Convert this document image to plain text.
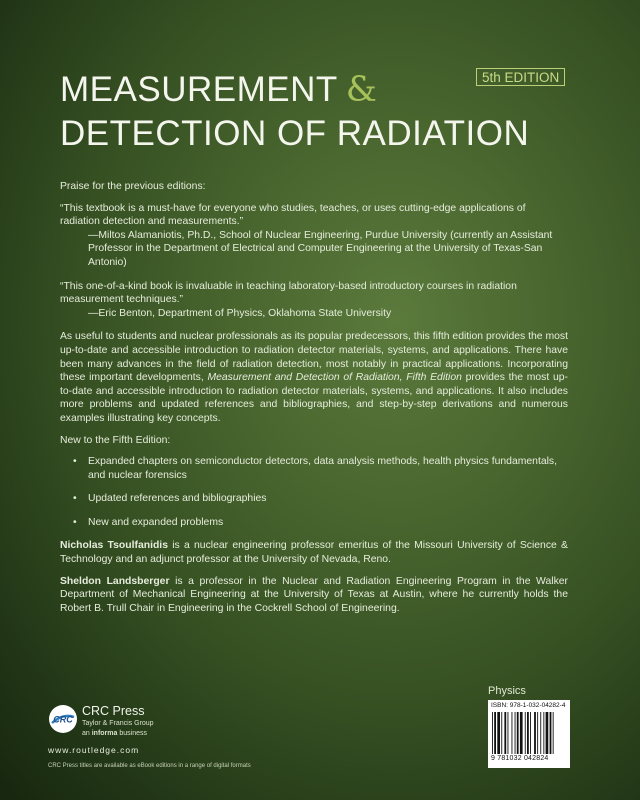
MEASUREMENT &	5th EDITION
DETECTION OF RADIATION

Praise for the previous editions:

“This textbook is a must-have for everyone who studies, teaches, or uses cutting-edge applications of radiation detection and measurements.”

—Miltos Alamaniotis, Ph.D., School of Nuclear Engineering, Purdue University (currently an Assistant Professor in the Department of Electrical and Computer Engineering at the University of Texas-San Antonio)

“This one-of-a-kind book is invaluable in teaching laboratory-based introductory courses in radiation measurement techniques.”

—Eric Benton, Department of Physics, Oklahoma State University

As useful to students and nuclear professionals as its popular predecessors, this fifth edition provides the most up-to-date and accessible introduction to radiation detector materials, systems, and applications. There have been many advances in the field of radiation detection, most notably in practical applications. Incorporating these important developments, Measurement and Detection of Radiation, Fifth Edition provides the most up-to-date and accessible introduction to radiation detector materials, systems, and applications. It also includes more problems and updated references and bibliographies, and step-by-step derivations and numerous examples illustrating key concepts.

New to the Fifth Edition:

• Expanded chapters on semiconductor detectors, data analysis methods, health physics fundamentals, and nuclear forensics
• Updated references and bibliographies
• New and expanded problems

Nicholas Tsoulfanidis is a nuclear engineering professor emeritus of the Missouri University of Science & Technology and an adjunct professor at the University of Nevada, Reno.

Sheldon Landsberger is a professor in the Nuclear and Radiation Engineering Program in the Walker Department of Mechanical Engineering at the University of Texas at Austin, where he currently holds the Robert B. Trull Chair in Engineering in the Cockrell School of Engineering.

Physics
ISBN: 978-1-032-04282-4
9 781032 042824
CRC
CRC Press
Taylor & Francis Group
an informa business
www.routledge.com
CRC Press titles are available as eBook editions in a range of digital formats
